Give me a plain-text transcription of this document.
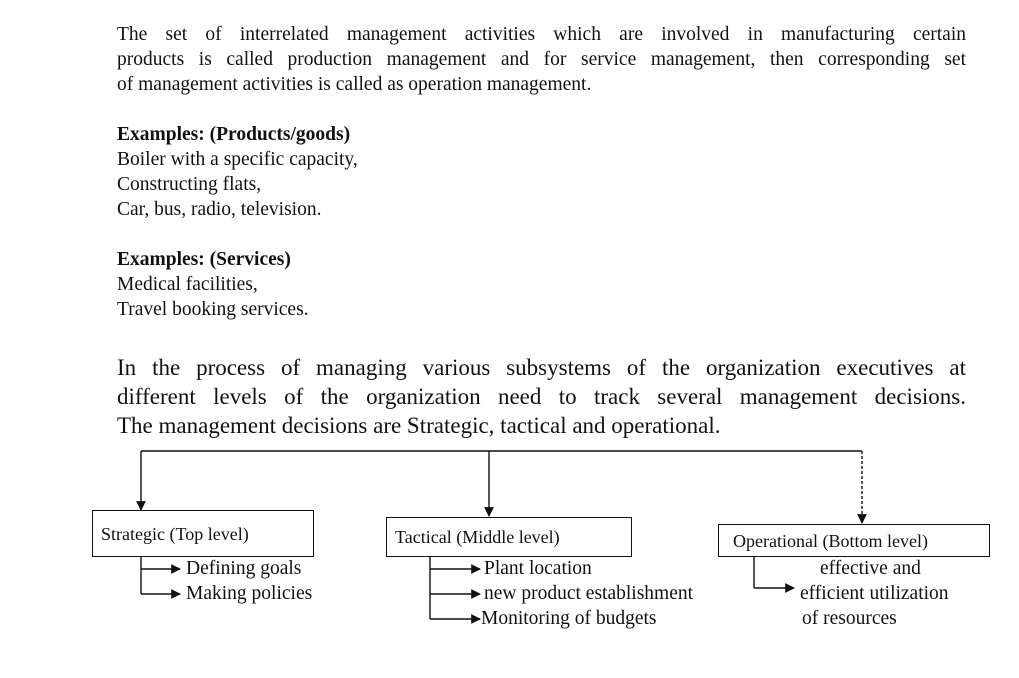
The set of interrelated management activities which are involved in manufacturing certain
products is called production management and for service management, then corresponding set
of management activities is called as operation management.
Examples: (Products/goods)
Boiler with a specific capacity,
Constructing flats,
Car, bus, radio, television.
Examples: (Services)
Medical facilities,
Travel booking services.
In the process of managing various subsystems of the organization executives at
different levels of the organization need to track several management decisions.
The management decisions are Strategic, tactical and operational.
Strategic (Top level)	Tactical (Middle level)	Operational (Bottom level)
Defining goals
Making policies
Plant location
new product establishment
Monitoring of budgets
effective and
efficient utilization
of resources
